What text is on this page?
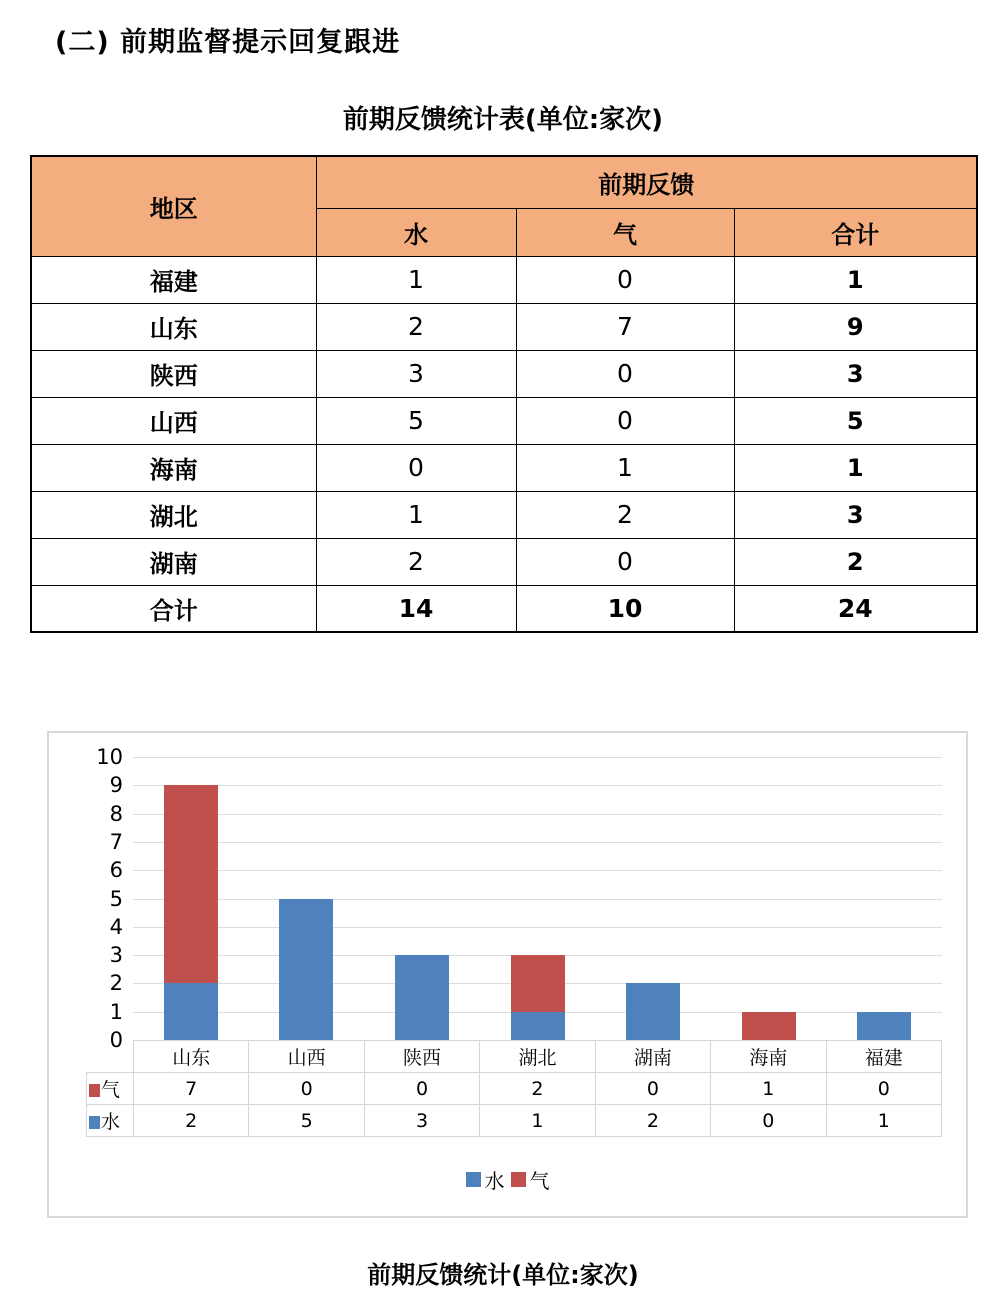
(二) 前期监督提示回复跟进
前期反馈统计表(单位:家次)
地区	前期反馈		
	水	气	合计
福建	1	0	1
山东	2	7	9
陕西	3	0	3
山西	5	0	5
海南	0	1	1
湖北	1	2	3
湖南	2	0	2
合计	14	10	24
0
1
2
3
4
5
6
7
8
9
10
	山东	山西	陕西	湖北	湖南	海南	福建
气	7	0	0	2	0	1	0
水	2	5	3	1	2	0	1
水 气
前期反馈统计(单位:家次)
